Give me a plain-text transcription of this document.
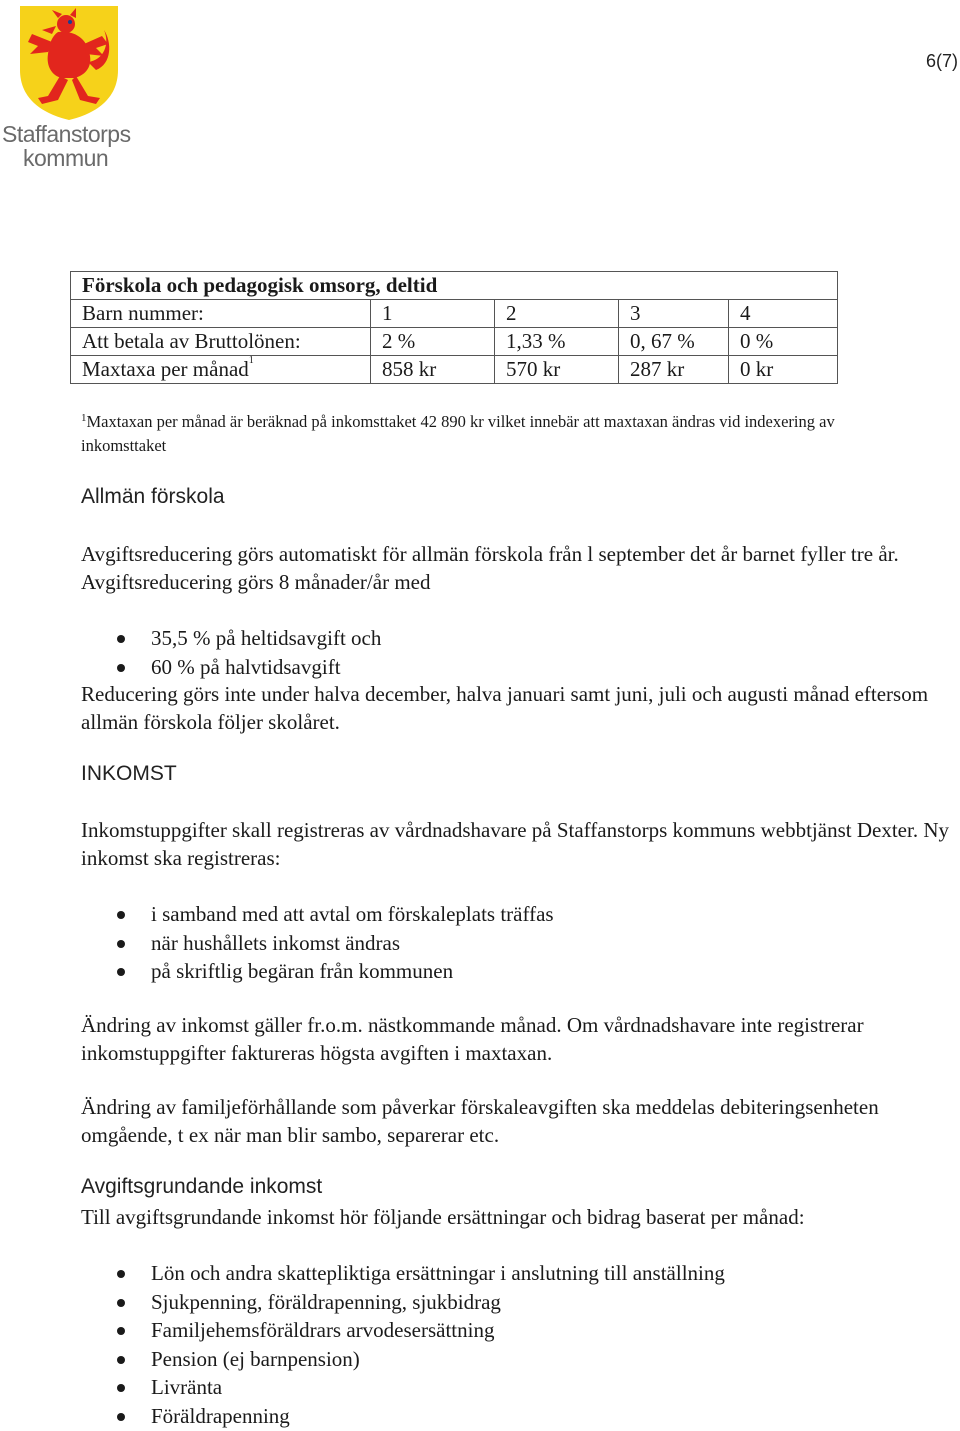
Staffanstorps
kommun
6(7)
Förskola och pedagogisk omsorg, deltid				
Barn nummer:	1	2	3	4
Att betala av Bruttolönen:	2 %	1,33 %	0, 67 %	0 %
Maxtaxa per månad$^1$	858 kr	570 kr	287 kr	0 kr
$^1$Maxtaxan per månad är beräknad på inkomsttaket 42 890 kr vilket innebär att maxtaxan ändras vid indexering av inkomsttaket
Allmän förskola
Avgiftsreducering görs automatiskt för allmän förskola från l september det år barnet fyller tre år. Avgiftsreducering görs 8 månader/år med
35,5 % på heltidsavgift och
60 % på halvtidsavgift
Reducering görs inte under halva december, halva januari samt juni, juli och augusti månad eftersom allmän förskola följer skolåret.
INKOMST
Inkomstuppgifter skall registreras av vårdnadshavare på Staffanstorps kommuns webbtjänst Dexter. Ny inkomst ska registreras:
i samband med att avtal om förskaleplats träffas
när hushållets inkomst ändras
på skriftlig begäran från kommunen
Ändring av inkomst gäller fr.o.m. nästkommande månad. Om vårdnadshavare inte registrerar inkomstuppgifter faktureras högsta avgiften i maxtaxan.
Ändring av familjeförhållande som påverkar förskaleavgiften ska meddelas debiteringsenheten omgående, t ex när man blir sambo, separerar etc.
Avgiftsgrundande inkomst
Till avgiftsgrundande inkomst hör följande ersättningar och bidrag baserat per månad:
Lön och andra skattepliktiga ersättningar i anslutning till anställning
Sjukpenning, föräldrapenning, sjukbidrag
Familjehemsföräldrars arvodesersättning
Pension (ej barnpension)
Livränta
Föräldrapenning
